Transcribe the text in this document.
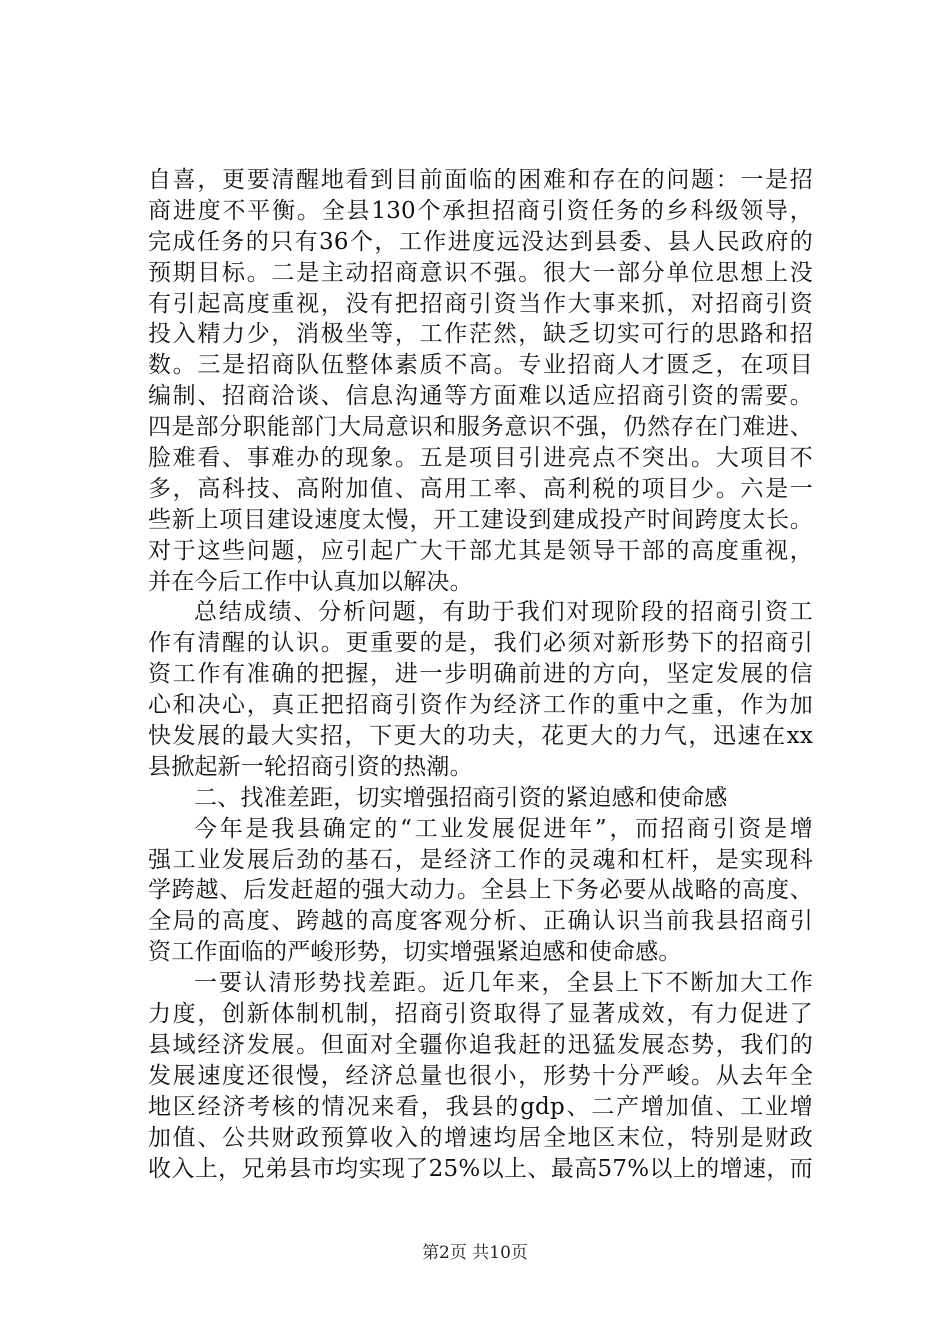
自喜，更要清醒地看到目前面临的困难和存在的问题：一是招
商进度不平衡。全县130个承担招商引资任务的乡科级领导，
完成任务的只有36个，工作进度远没达到县委、县人民政府的
预期目标。二是主动招商意识不强。很大一部分单位思想上没
有引起高度重视，没有把招商引资当作大事来抓，对招商引资
投入精力少，消极坐等，工作茫然，缺乏切实可行的思路和招
数。三是招商队伍整体素质不高。专业招商人才匮乏，在项目
编制、招商洽谈、信息沟通等方面难以适应招商引资的需要。
四是部分职能部门大局意识和服务意识不强，仍然存在门难进、
脸难看、事难办的现象。五是项目引进亮点不突出。大项目不
多，高科技、高附加值、高用工率、高利税的项目少。六是一
些新上项目建设速度太慢，开工建设到建成投产时间跨度太长。
对于这些问题，应引起广大干部尤其是领导干部的高度重视，
并在今后工作中认真加以解决。
总结成绩、分析问题，有助于我们对现阶段的招商引资工
作有清醒的认识。更重要的是，我们必须对新形势下的招商引
资工作有准确的把握，进一步明确前进的方向，坚定发展的信
心和决心，真正把招商引资作为经济工作的重中之重，作为加
快发展的最大实招，下更大的功夫，花更大的力气，迅速在xx
县掀起新一轮招商引资的热潮。
二、找准差距，切实增强招商引资的紧迫感和使命感
今年是我县确定的“工业发展促进年”，而招商引资是增
强工业发展后劲的基石，是经济工作的灵魂和杠杆，是实现科
学跨越、后发赶超的强大动力。全县上下务必要从战略的高度、
全局的高度、跨越的高度客观分析、正确认识当前我县招商引
资工作面临的严峻形势，切实增强紧迫感和使命感。
一要认清形势找差距。近几年来，全县上下不断加大工作
力度，创新体制机制，招商引资取得了显著成效，有力促进了
县域经济发展。但面对全疆你追我赶的迅猛发展态势，我们的
发展速度还很慢，经济总量也很小，形势十分严峻。从去年全
地区经济考核的情况来看，我县的gdp、二产增加值、工业增
加值、公共财政预算收入的增速均居全地区末位，特别是财政
收入上，兄弟县市均实现了25%以上、最高57%以上的增速，而
第2页 共10页
